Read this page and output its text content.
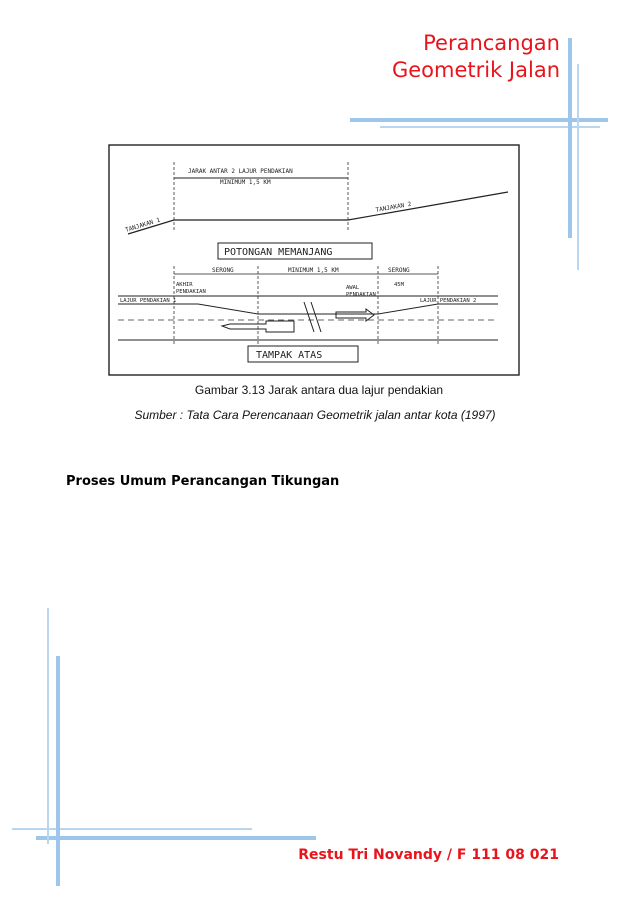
Perancangan
Geometrik Jalan
JARAK ANTAR 2 LAJUR PENDAKIAN
MINIMUM 1,5 KM
TANJAKAN 1
TANJAKAN 2
POTONGAN MEMANJANG
SERONG	MINIMUM 1,5 KM	SERONG
AKHIR
PENDAKIAN
45M
AWAL
PENDAKIAN
LAJUR PENDAKIAN 1	LAJUR PENDAKIAN 2
TAMPAK ATAS
Gambar 3.13 Jarak antara dua lajur pendakian
Sumber : Tata Cara Perencanaan Geometrik jalan antar kota (1997)
Proses Umum Perancangan Tikungan
Restu Tri Novandy / F 111 08 021
